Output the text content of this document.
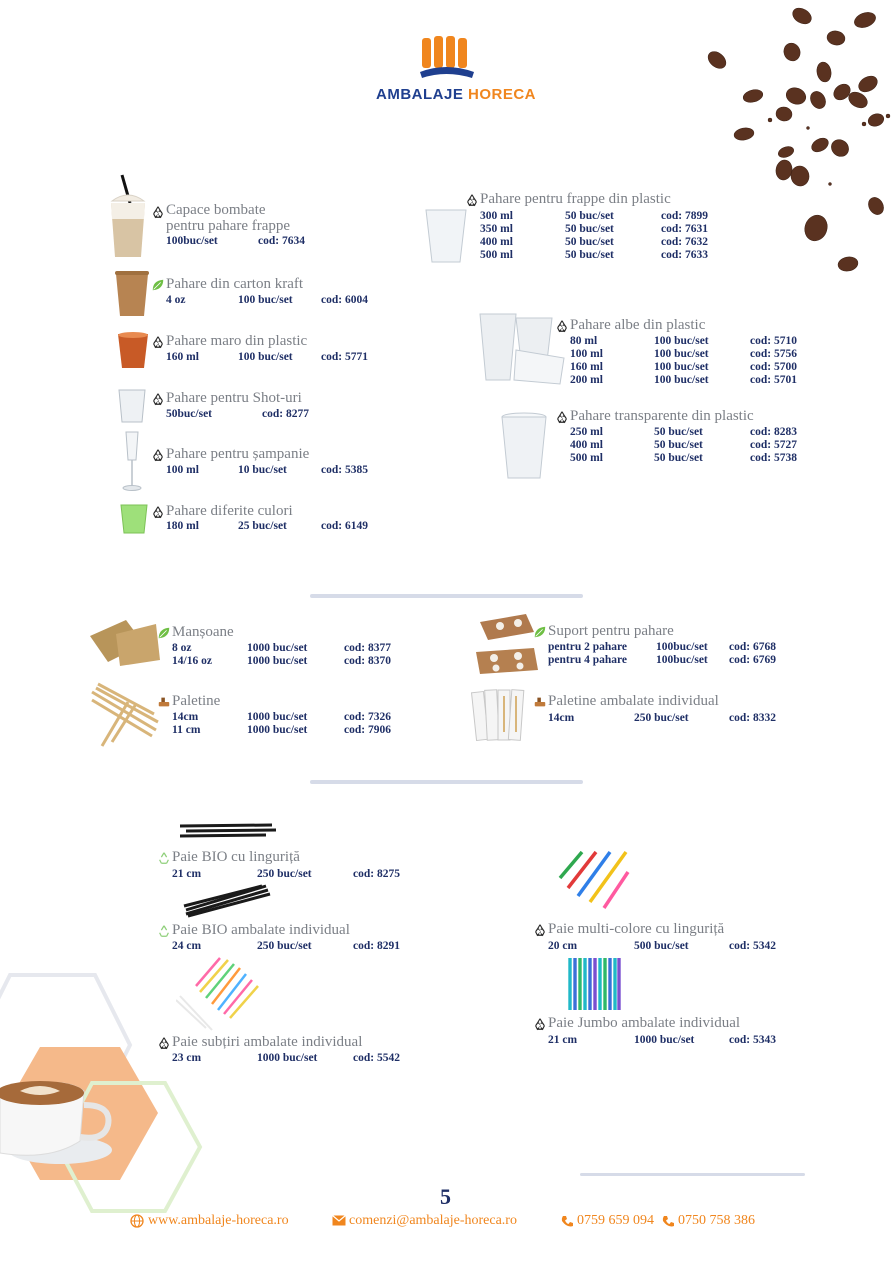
AMBALAJE HORECA
Capace bombate
pentru pahare frappe
100buc/set	cod: 7634
Pahare din carton kraft
4 oz	100 buc/set cod: 6004
Pahare maro din plastic
160 ml	100 buc/set cod: 5771
Pahare pentru Shot-uri
50buc/set	cod: 8277
Pahare pentru șampanie
100 ml	10 buc/set	cod: 5385
Pahare diferite culori
180 ml	25 buc/set	cod: 6149
Pahare pentru frappe din plastic
300 ml	50 buc/set	cod: 7899
350 ml	50 buc/set	cod: 7631
400 ml	50 buc/set	cod: 7632
500 ml	50 buc/set	cod: 7633
Pahare albe din plastic
80 ml	100 buc/set	cod: 5710
100 ml	100 buc/set	cod: 5756
160 ml	100 buc/set	cod: 5700
200 ml	100 buc/set	cod: 5701
Pahare transparente din plastic
250 ml	50 buc/set	cod: 8283
400 ml	50 buc/set	cod: 5727
500 ml	50 buc/set	cod: 5738
Manșoane
8 oz	1000 buc/set	cod: 8377
14/16 oz	1000 buc/set	cod: 8370
Paletine
14cm	1000 buc/set	cod: 7326
11 cm	1000 buc/set	cod: 7906
Suport pentru pahare
pentru 2 pahare	100buc/set cod: 6768
pentru 4 pahare	100buc/set cod: 6769
Paletine ambalate individual
14cm	250 buc/set	cod: 8332
Paie BIO cu linguriță
21 cm	250 buc/set	cod: 8275
Paie BIO ambalate individual
24 cm	250 buc/set	cod: 8291
Paie subțiri ambalate individual
23 cm	1000 buc/set	cod: 5542
Paie multi-colore cu linguriță
20 cm	500 buc/set	cod: 5342
Paie Jumbo ambalate individual
21 cm	1000 buc/set	cod: 5343
5
www.ambalaje-horeca.ro	comenzi@ambalaje-horeca.ro	0759 659 094 0750 758 386
